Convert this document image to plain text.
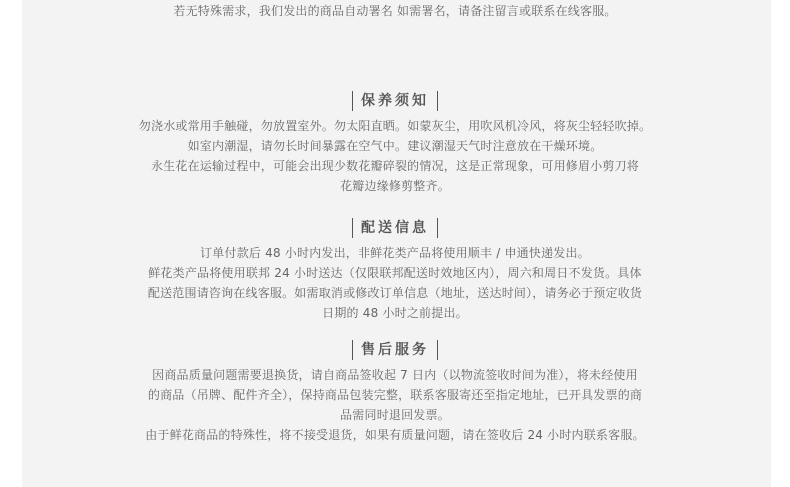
若无特殊需求，我们发出的商品自动署名 如需署名，请备注留言或联系在线客服。
保养须知
勿浇水或常用手触碰，勿放置室外。勿太阳直晒。如蒙灰尘，用吹风机冷风，将灰尘轻轻吹掉。
如室内潮湿，请勿长时间暴露在空气中。建议潮湿天气时注意放在干燥环境。
永生花在运输过程中，可能会出现少数花瓣碎裂的情况，这是正常现象，可用修眉小剪刀将
花瓣边缘修剪整齐。
配送信息
订单付款后 48 小时内发出，非鲜花类产品将使用顺丰 / 申通快递发出。
鲜花类产品将使用联邦 24 小时送达（仅限联邦配送时效地区内），周六和周日不发货。具体
配送范围请咨询在线客服。如需取消或修改订单信息（地址，送达时间），请务必于预定收货
日期的 48 小时之前提出。
售后服务
因商品质量问题需要退换货，请自商品签收起 7 日内（以物流签收时间为准），将未经使用
的商品（吊牌、配件齐全），保持商品包装完整，联系客服寄还至指定地址，已开具发票的商
品需同时退回发票。
由于鲜花商品的特殊性，将不接受退货，如果有质量问题，请在签收后 24 小时内联系客服。
